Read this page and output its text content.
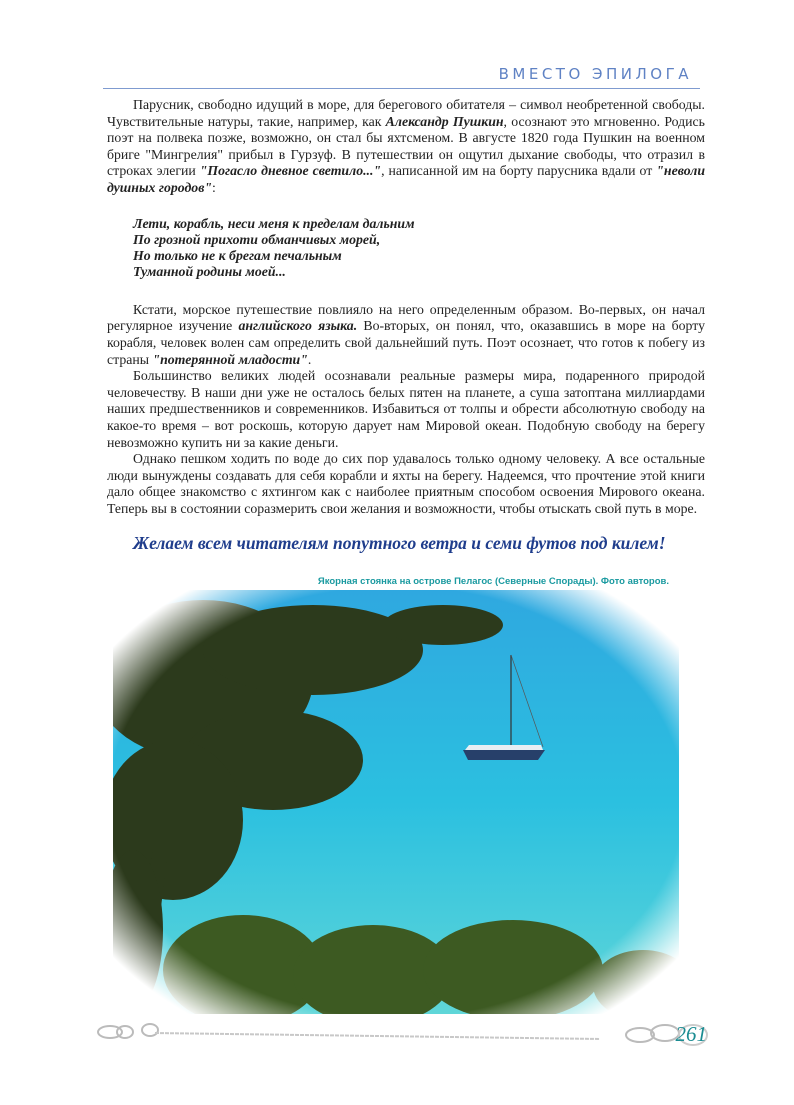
ВМЕСТО ЭПИЛОГА

Парусник, свободно идущий в море, для берегового обитателя – символ необретенной свободы. Чувствительные натуры, такие, например, как Александр Пушкин, осознают это мгновенно. Родись поэт на полвека позже, возможно, он стал бы яхтсменом. В августе 1820 года Пушкин на военном бриге "Мингрелия" прибыл в Гурзуф. В путешествии он ощутил дыхание свободы, что отразил в строках элегии "Погасло дневное светило...", написанной им на борту парусника вдали от "неволи душных городов":

Лети, корабль, неси меня к пределам дальним
По грозной прихоти обманчивых морей,
Но только не к брегам печальным
Туманной родины моей...

Кстати, морское путешествие повлияло на него определенным образом. Во-первых, он начал регулярное изучение английского языка. Во-вторых, он понял, что, оказавшись в море на борту корабля, человек волен сам определить свой дальнейший путь. Поэт осознает, что готов к побегу из страны "потерянной младости".

Большинство великих людей осознавали реальные размеры мира, подаренного природой человечеству. В наши дни уже не осталось белых пятен на планете, а суша затоптана миллиардами наших предшественников и современников. Избавиться от толпы и обрести абсолютную свободу на какое-то время – вот роскошь, которую дарует нам Мировой океан. Подобную свободу на берегу невозможно купить ни за какие деньги.

Однако пешком ходить по воде до сих пор удавалось только одному человеку. А все остальные люди вынуждены создавать для себя корабли и яхты на берегу. Надеемся, что прочтение этой книги дало общее знакомство с яхтингом как с наиболее приятным способом освоения Мирового океана. Теперь вы в состоянии соразмерить свои желания и возможности, чтобы отыскать свой путь в море.

Желаем всем читателям попутного ветра и семи футов под килем!
Якорная стоянка на острове Пелагос (Северные Спорады). Фото авторов.
261
